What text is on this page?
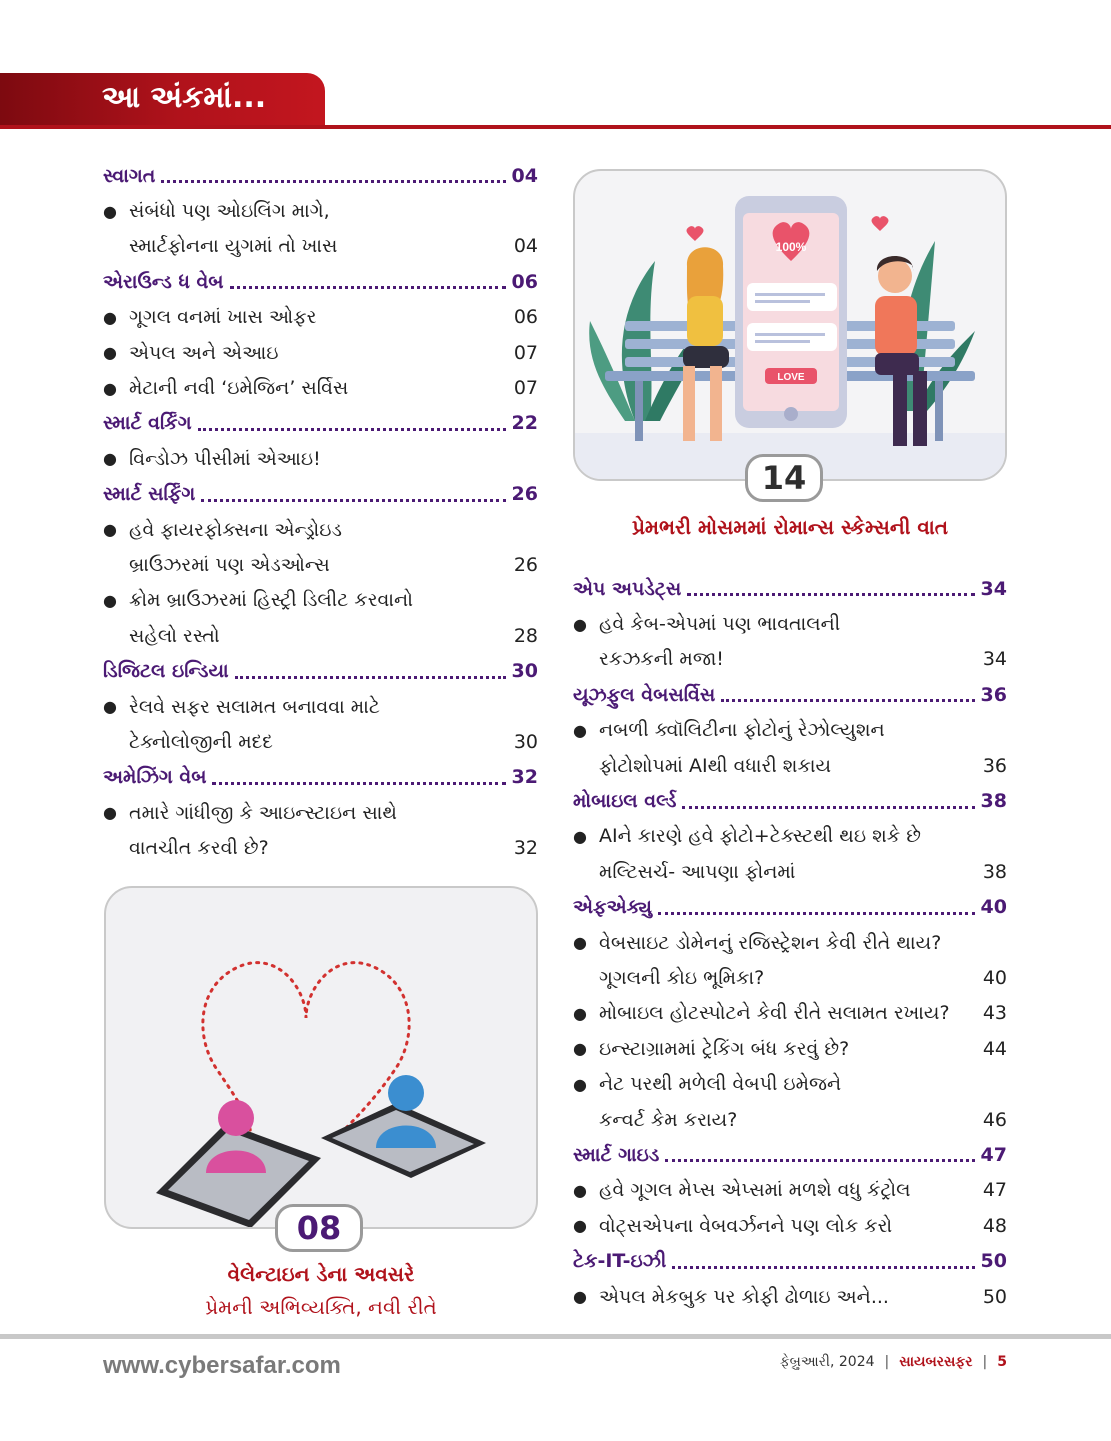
આ અંકમાં...
સ્વાગત	04
● સંબંધો પણ ઓઇલિંગ માગે,
સ્માર્ટફોનના યુગમાં તો ખાસ	04
એરાઉન્ડ ધ વેબ	06
● ગૂગલ વનમાં ખાસ ઓફર	06
● એપલ અને એઆઇ	07
● મેટાની નવી ‘ઇમેજિન’ સર્વિસ	07
સ્માર્ટ વર્કિંગ	22
● વિન્ડોઝ પીસીમાં એઆઇ!
સ્માર્ટ સર્ફિંગ	26
● હવે ફાયરફોક્સના એન્ડ્રોઇડ
બ્રાઉઝરમાં પણ એડઓન્સ	26
● ક્રોમ બ્રાઉઝરમાં હિસ્ટ્રી ડિલીટ કરવાનો
સહેલો રસ્તો	28
ડિજિટલ ઇન્ડિયા	30
● રેલવે સફર સલામત બનાવવા માટે
ટેક્નોલોજીની મદદ	30
અમેઝિંગ વેબ	32
● તમારે ગાંધીજી કે આઇન્સ્ટાઇન સાથે
વાતચીત કરવી છે?	32
એપ અપડેટ્સ	34
● હવે કેબ-એપમાં પણ ભાવતાલની
રકઝકની મજા!	34
યૂઝફુલ વેબસર્વિસ	36
● નબળી ક્વૉલિટીના ફોટોનું રેઝોલ્યુશન
ફોટોશોપમાં AIથી વધારી શકાય	36
મોબાઇલ વર્લ્ડ	38
● AIને કારણે હવે ફોટો+ટેક્સ્ટથી થઇ શકે છે
મલ્ટિસર્ચ- આપણા ફોનમાં	38
એફએક્યુ	40
● વેબસાઇટ ડોમેનનું રજિસ્ટ્રેશન કેવી રીતે થાય?
ગૂગલની કોઇ ભૂમિકા?	40
● મોબાઇલ હોટસ્પોટને કેવી રીતે સલામત રખાય?	43
● ઇન્સ્ટાગ્રામમાં ટ્રેકિંગ બંધ કરવું છે?	44
● નેટ પરથી મળેલી વેબપી ઇમેજને
કન્વર્ટ કેમ કરાય?	46
સ્માર્ટ ગાઇડ	47
● હવે ગૂગલ મેપ્સ એપ્સમાં મળશે વધુ કંટ્રોલ	47
● વોટ્સએપના વેબવર્ઝનને પણ લોક કરો	48
ટેક-IT-ઇઝી	50
● એપલ મેકબુક પર કોફી ઢોળાઇ અને...	50
100%
LOVE
14
પ્રેમભરી મોસમમાં રોમાન્સ સ્કેમ્સની વાત
08
વેલેન્ટાઇન ડેના અવસરે
પ્રેમની અભિવ્યક્તિ, નવી રીતે
www.cybersafar.com	ફેબ્રુઆરી, 2024 | સાયબરસફર | 5
